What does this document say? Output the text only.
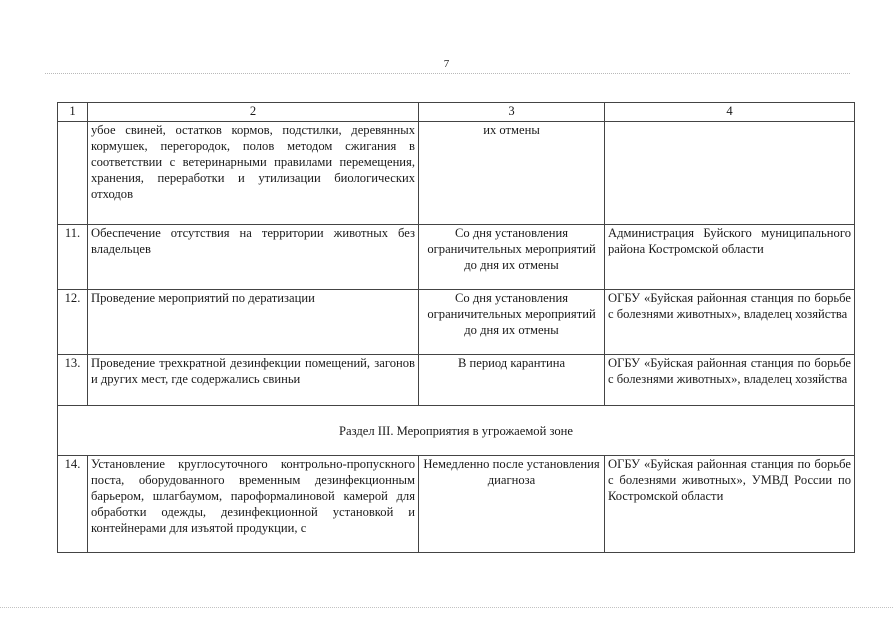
7
1	2	3	4
	убое свиней, остатков кормов, подстилки, деревянных кормушек, перегородок, полов методом сжигания в соответствии с ветеринарными правилами перемещения, хранения, переработки и утилизации биологических отходов	их отмены	
11.	Обеспечение отсутствия на территории животных без владельцев	Со дня установления ограничительных мероприятий до дня их отмены	Администрация Буйского муниципального района Костромской области
12.	Проведение мероприятий по дератизации	Со дня установления ограничительных мероприятий до дня их отмены	ОГБУ «Буйская районная станция по борьбе с болезнями животных», владелец хозяйства
13.	Проведение трехкратной дезинфекции помещений, загонов и других мест, где содержались свиньи	В период карантина	ОГБУ «Буйская районная станция по борьбе с болезнями животных», владелец хозяйства
Раздел III. Мероприятия в угрожаемой зоне			
14.	Установление круглосуточного контрольно-пропускного поста, оборудованного временным дезинфекционным барьером, шлагбаумом, пароформалиновой камерой для обработки одежды, дезинфекционной установкой и контейнерами для изъятой продукции, с	Немедленно после установления диагноза	ОГБУ «Буйская районная станция по борьбе с болезнями животных», УМВД России по Костромской области
